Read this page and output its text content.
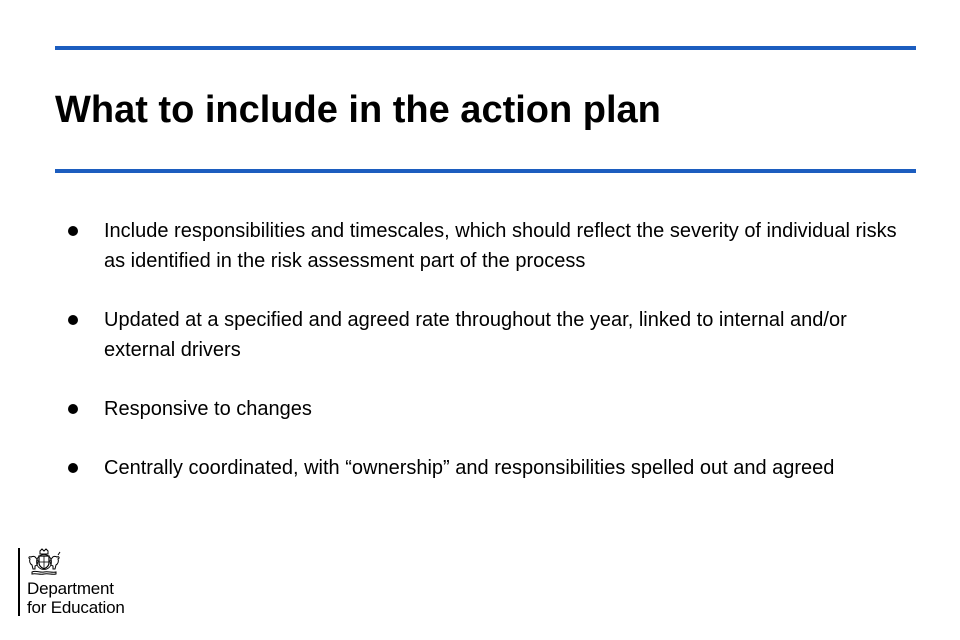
What to include in the action plan
Include responsibilities and timescales, which should reflect the severity of individual risks as identified in the risk assessment part of the process
Updated at a specified and agreed rate throughout the year, linked to internal and/or external drivers
Responsive to changes
Centrally coordinated, with “ownership” and responsibilities spelled out and agreed
Department
for Education
